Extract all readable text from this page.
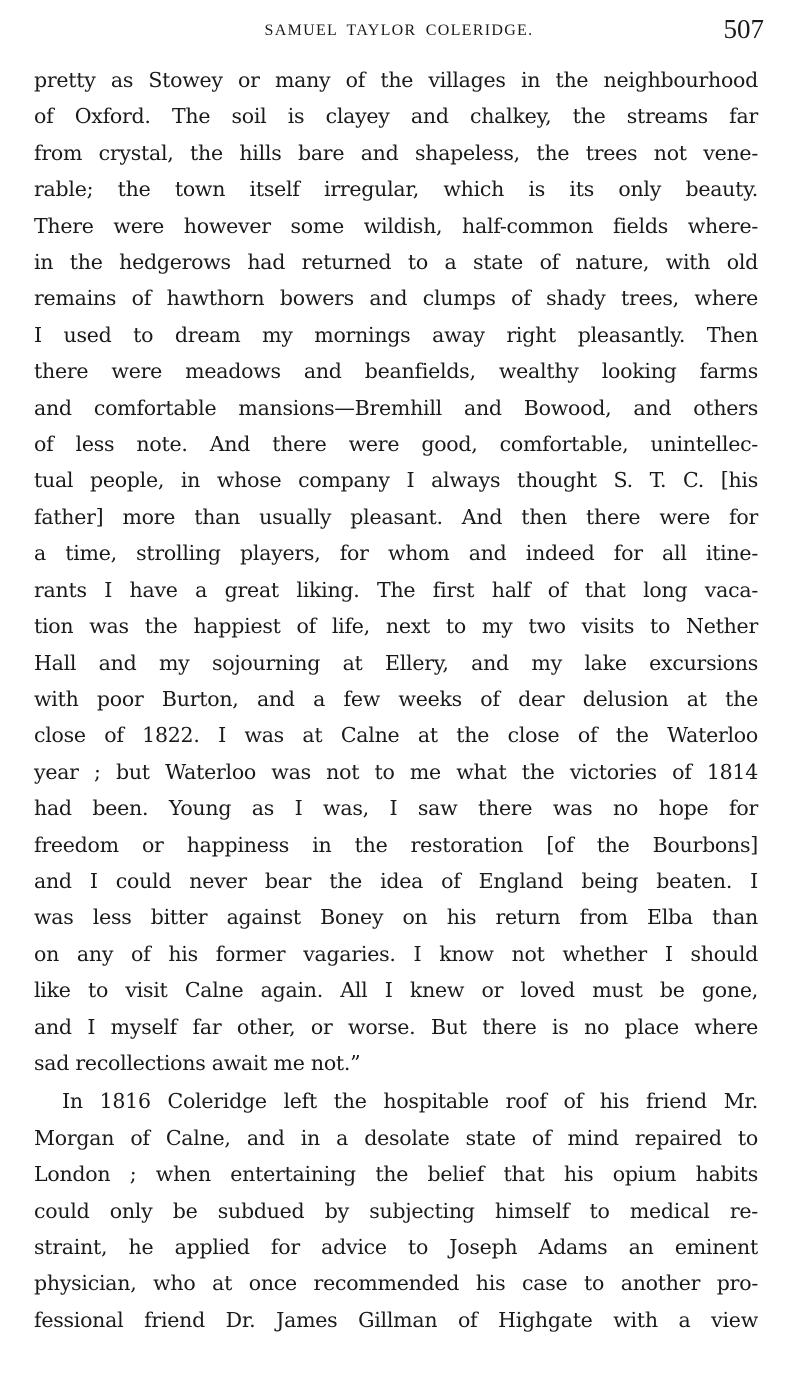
SAMUEL TAYLOR COLERIDGE.	507
pretty as Stowey or many of the villages in the neighbourhood
of Oxford. The soil is clayey and chalkey, the streams far
from crystal, the hills bare and shapeless, the trees not vene-
rable; the town itself irregular, which is its only beauty.
There were however some wildish, half-common fields where-
in the hedgerows had returned to a state of nature, with old
remains of hawthorn bowers and clumps of shady trees, where
I used to dream my mornings away right pleasantly. Then
there were meadows and beanfields, wealthy looking farms
and comfortable mansions—Bremhill and Bowood, and others
of less note. And there were good, comfortable, unintellec-
tual people, in whose company I always thought S. T. C. [his
father] more than usually pleasant. And then there were for
a time, strolling players, for whom and indeed for all itine-
rants I have a great liking. The first half of that long vaca-
tion was the happiest of life, next to my two visits to Nether
Hall and my sojourning at Ellery, and my lake excursions
with poor Burton, and a few weeks of dear delusion at the
close of 1822. I was at Calne at the close of the Waterloo
year ; but Waterloo was not to me what the victories of 1814
had been. Young as I was, I saw there was no hope for
freedom or happiness in the restoration [of the Bourbons]
and I could never bear the idea of England being beaten. I
was less bitter against Boney on his return from Elba than
on any of his former vagaries. I know not whether I should
like to visit Calne again. All I knew or loved must be gone,
and I myself far other, or worse. But there is no place where
sad recollections await me not.”
In 1816 Coleridge left the hospitable roof of his friend Mr.
Morgan of Calne, and in a desolate state of mind repaired to
London ; when entertaining the belief that his opium habits
could only be subdued by subjecting himself to medical re-
straint, he applied for advice to Joseph Adams an eminent
physician, who at once recommended his case to another pro-
fessional friend Dr. James Gillman of Highgate with a view
